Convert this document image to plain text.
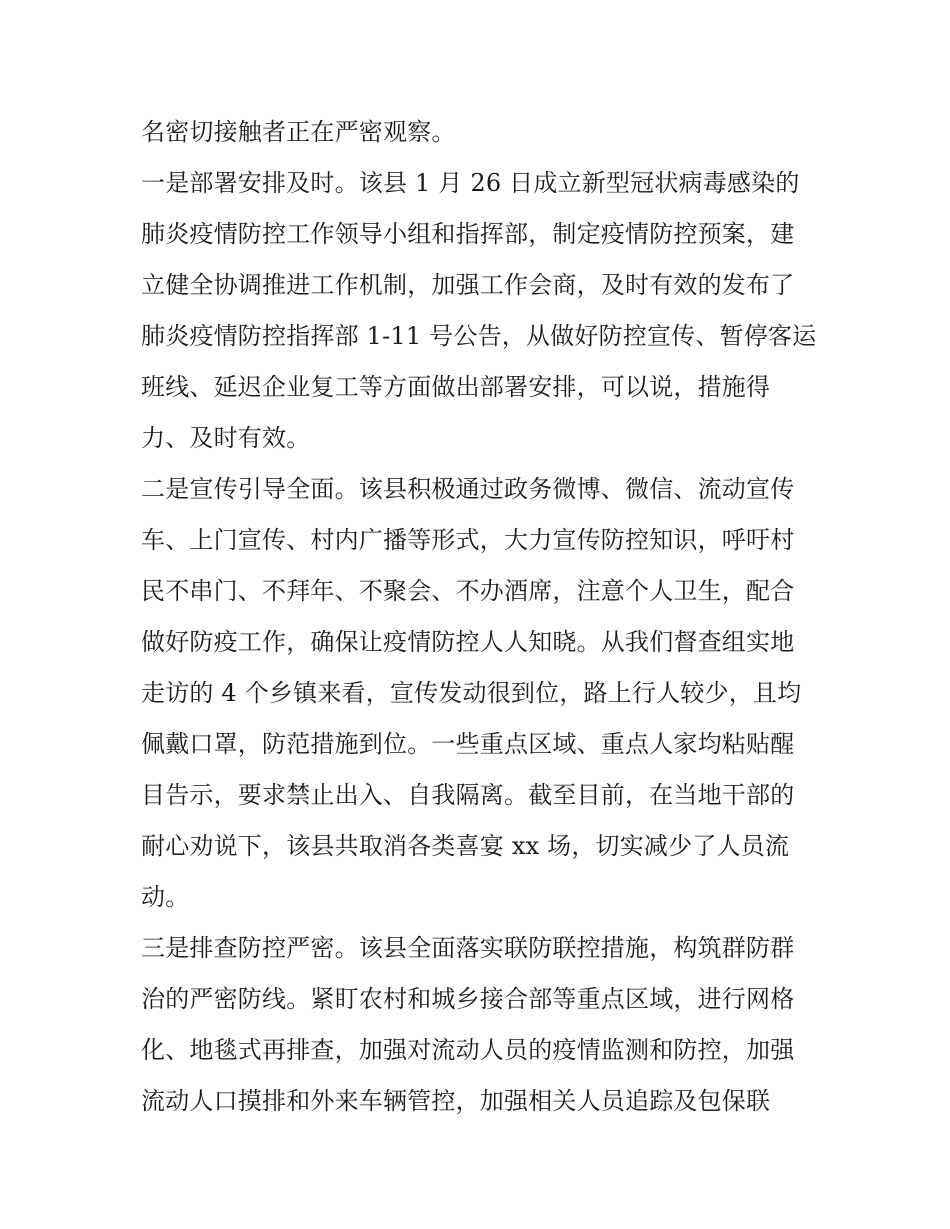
名密切接触者正在严密观察。
一是部署安排及时。该县 1 月 26 日成立新型冠状病毒感染的
肺炎疫情防控工作领导小组和指挥部，制定疫情防控预案，建
立健全协调推进工作机制，加强工作会商，及时有效的发布了
肺炎疫情防控指挥部 1-11 号公告，从做好防控宣传、暂停客运
班线、延迟企业复工等方面做出部署安排，可以说，措施得
力、及时有效。
二是宣传引导全面。该县积极通过政务微博、微信、流动宣传
车、上门宣传、村内广播等形式，大力宣传防控知识，呼吁村
民不串门、不拜年、不聚会、不办酒席，注意个人卫生，配合
做好防疫工作，确保让疫情防控人人知晓。从我们督查组实地
走访的 4 个乡镇来看，宣传发动很到位，路上行人较少，且均
佩戴口罩，防范措施到位。一些重点区域、重点人家均粘贴醒
目告示，要求禁止出入、自我隔离。截至目前，在当地干部的
耐心劝说下，该县共取消各类喜宴 xx 场，切实减少了人员流
动。
三是排查防控严密。该县全面落实联防联控措施，构筑群防群
治的严密防线。紧盯农村和城乡接合部等重点区域，进行网格
化、地毯式再排查，加强对流动人员的疫情监测和防控，加强
流动人口摸排和外来车辆管控，加强相关人员追踪及包保联
